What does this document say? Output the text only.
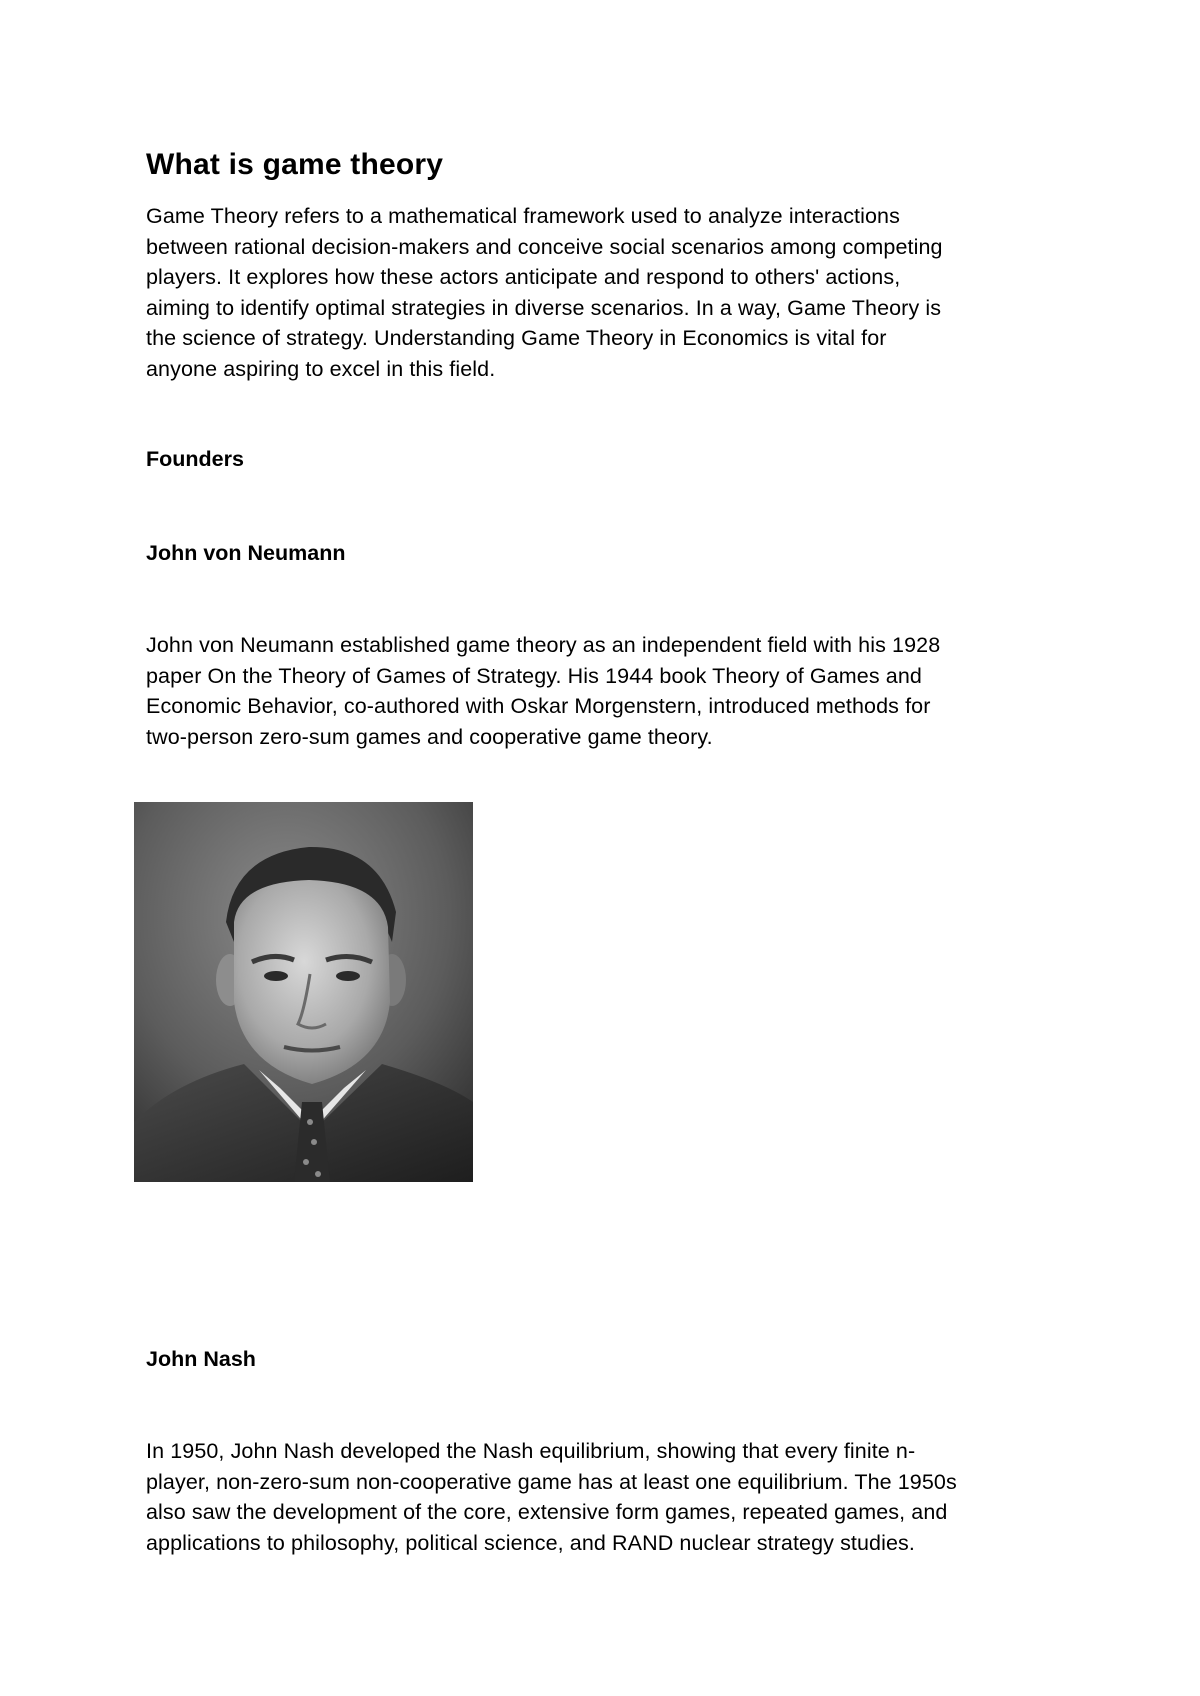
What is game theory

Game Theory refers to a mathematical framework used to analyze interactions
between rational decision-makers and conceive social scenarios among competing
players. It explores how these actors anticipate and respond to others' actions,
aiming to identify optimal strategies in diverse scenarios. In a way, Game Theory is
the science of strategy. Understanding Game Theory in Economics is vital for
anyone aspiring to excel in this field.

Founders
John von Neumann

John von Neumann established game theory as an independent field with his 1928
paper On the Theory of Games of Strategy. His 1944 book Theory of Games and
Economic Behavior, co-authored with Oskar Morgenstern, introduced methods for
two-person zero-sum games and cooperative game theory.

John Nash

In 1950, John Nash developed the Nash equilibrium, showing that every finite n-
player, non-zero-sum non-cooperative game has at least one equilibrium. The 1950s
also saw the development of the core, extensive form games, repeated games, and
applications to philosophy, political science, and RAND nuclear strategy studies.
